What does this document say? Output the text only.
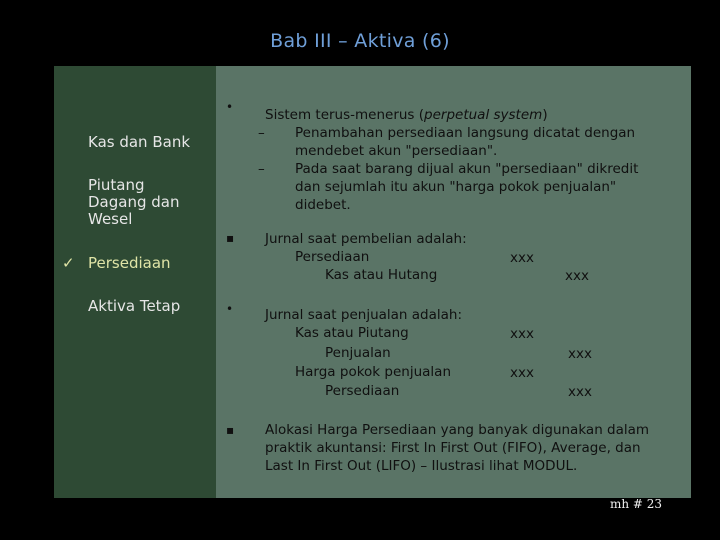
Bab III – Aktiva (6)
Kas dan Bank
Piutang
Dagang dan
Wesel
✓ Persediaan
Aktiva Tetap
• Sistem terus-menerus (perpetual system)
– Penambahan persediaan langsung dicatat dengan
mendebet akun "persediaan".
– Pada saat barang dijual akun "persediaan" dikredit
dan sejumlah itu akun "harga pokok penjualan"
didebet.
▪ Jurnal saat pembelian adalah:
Persediaan	xxx
Kas atau Hutang	xxx
• Jurnal saat penjualan adalah:
Kas atau Piutang	xxx
Penjualan	xxx
Harga pokok penjualan	xxx
Persediaan	xxx
▪ Alokasi Harga Persediaan yang banyak digunakan dalam
praktik akuntansi: First In First Out (FIFO), Average, dan
Last In First Out (LIFO) – Ilustrasi lihat MODUL.
mh # 23
